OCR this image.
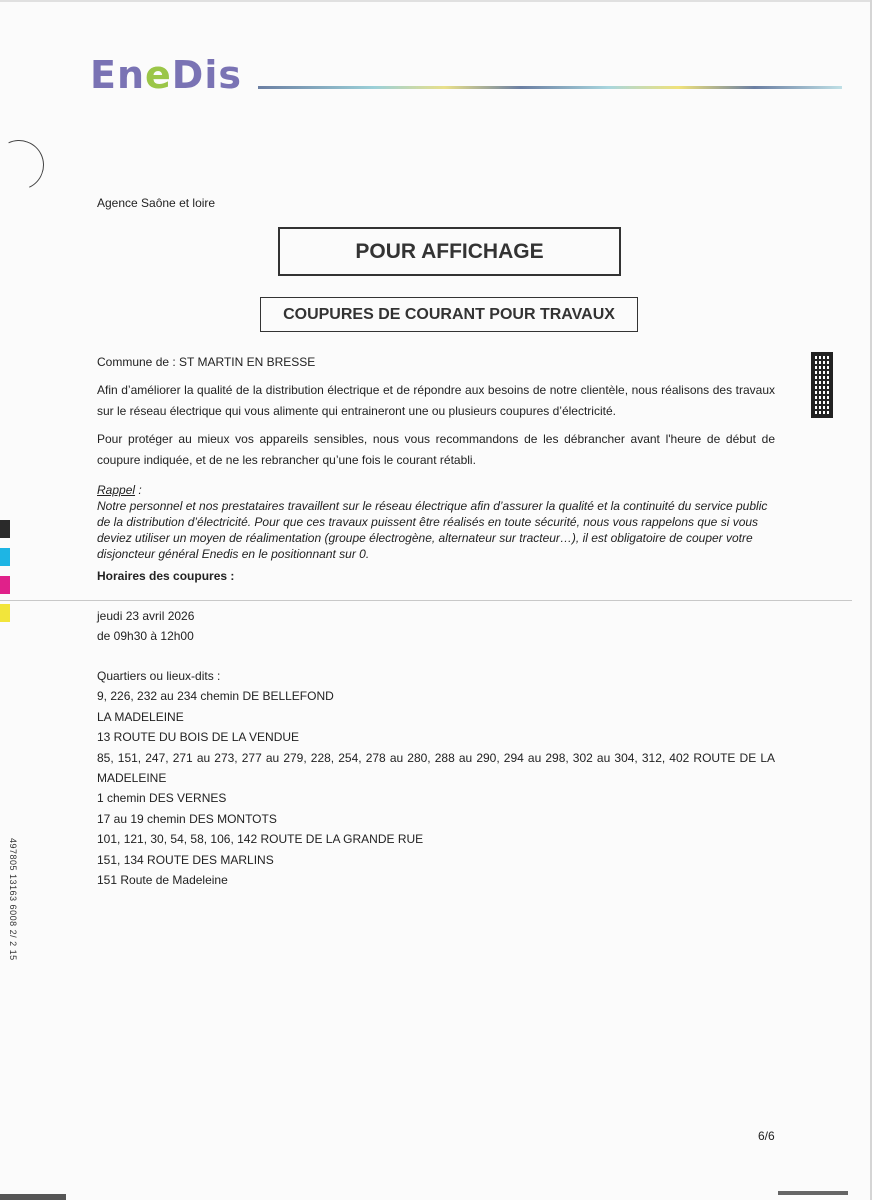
EneDis
Agence Saône et loire
POUR AFFICHAGE
COUPURES DE COURANT POUR TRAVAUX
Commune de : ST MARTIN EN BRESSE
Afin d’améliorer la qualité de la distribution électrique et de répondre aux besoins de notre clientèle, nous réalisons des travaux sur le réseau électrique qui vous alimente qui entraineront une ou plusieurs coupures d’électricité.
Pour protéger au mieux vos appareils sensibles, nous vous recommandons de les débrancher avant l'heure de début de coupure indiquée, et de ne les rebrancher qu’une fois le courant rétabli.
Rappel :
Notre personnel et nos prestataires travaillent sur le réseau électrique afin d’assurer la qualité et la continuité du service public de la distribution d’électricité. Pour que ces travaux puissent être réalisés en toute sécurité, nous vous rappelons que si vous deviez utiliser un moyen de réalimentation (groupe électrogène, alternateur sur tracteur…), il est obligatoire de couper votre disjoncteur général Enedis en le positionnant sur 0.
Horaires des coupures :
jeudi 23 avril 2026
de 09h30 à 12h00
Quartiers ou lieux-dits :
9, 226, 232 au 234 chemin DE BELLEFOND
LA MADELEINE
13 ROUTE DU BOIS DE LA VENDUE
85, 151, 247, 271 au 273, 277 au 279, 228, 254, 278 au 280, 288 au 290, 294 au 298, 302 au 304, 312, 402 ROUTE DE LA MADELEINE
1 chemin DES VERNES
17 au 19 chemin DES MONTOTS
101, 121, 30, 54, 58, 106, 142 ROUTE DE LA GRANDE RUE
151, 134 ROUTE DES MARLINS
151 Route de Madeleine
497805 13163 6008 2/ 2 15
6/6
